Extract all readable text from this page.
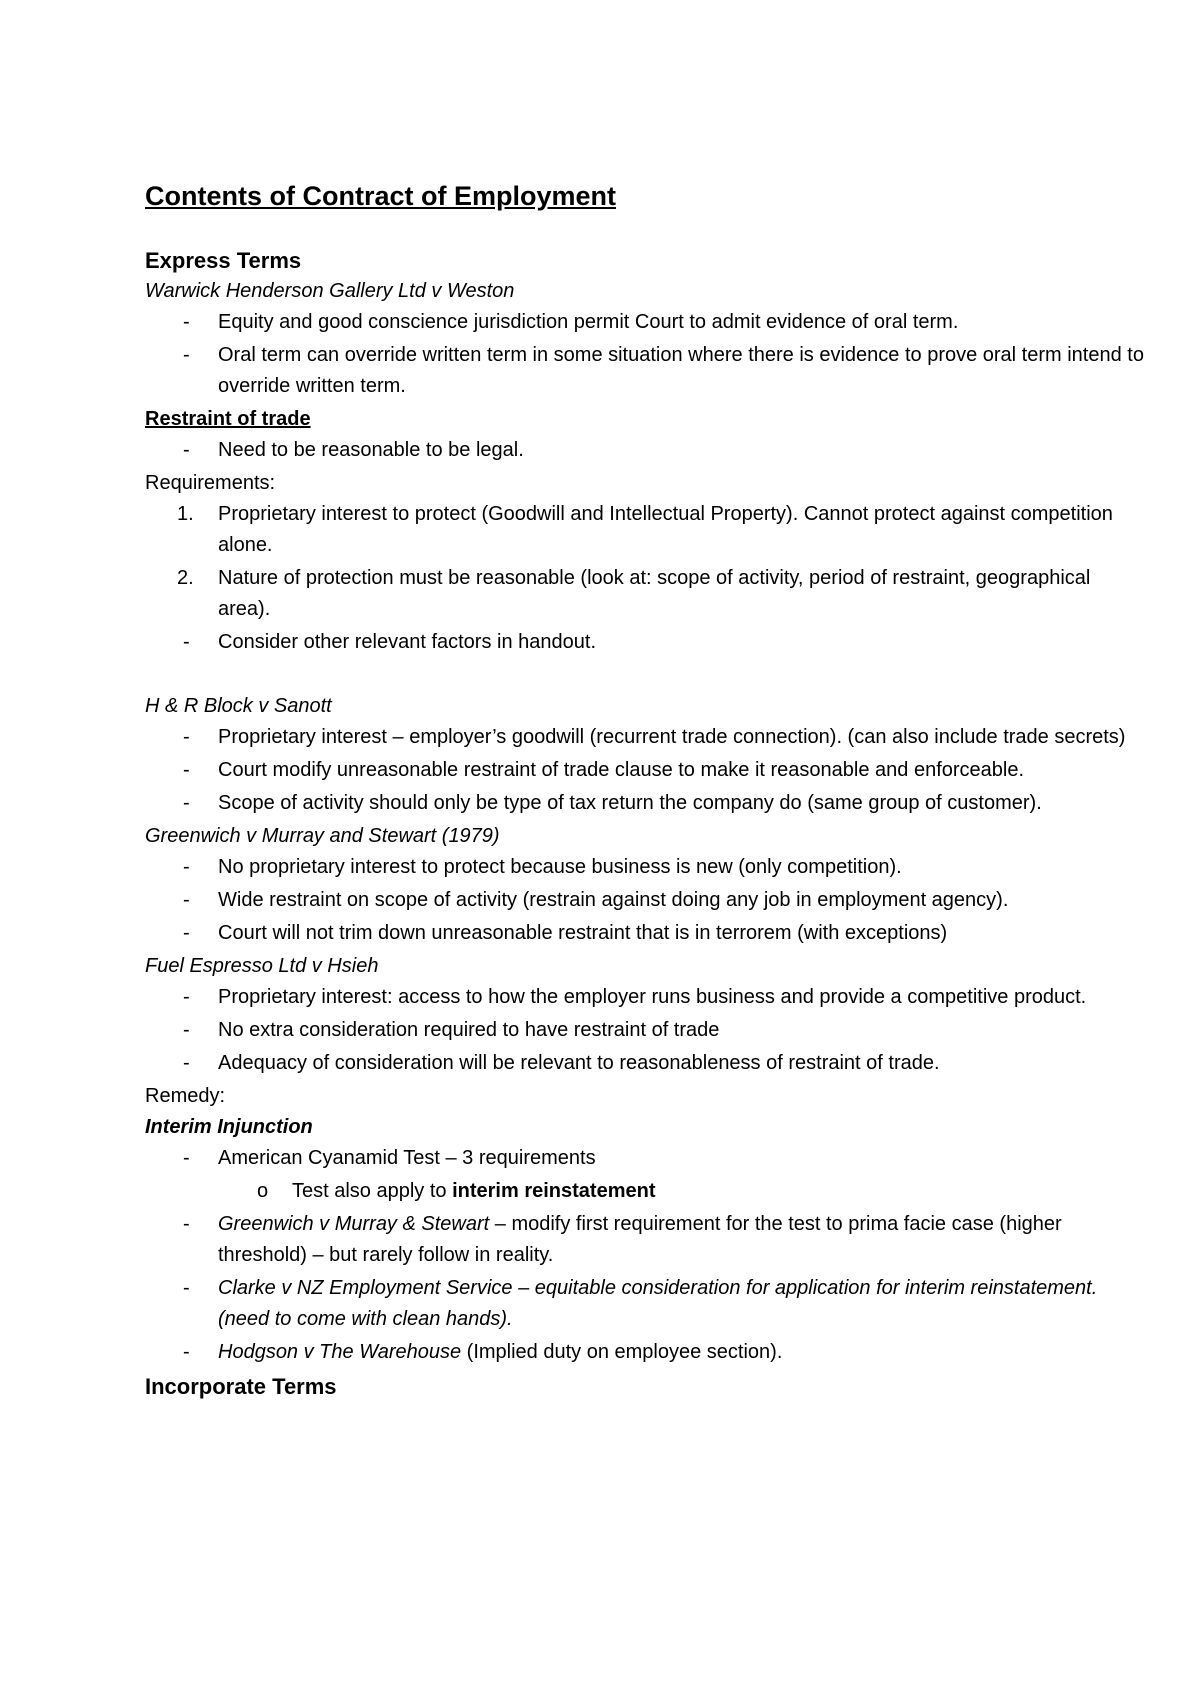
Contents of Contract of Employment

Express Terms

Warwick Henderson Gallery Ltd v Weston

- Equity and good conscience jurisdiction permit Court to admit evidence of oral term.

- Oral term can override written term in some situation where there is evidence to prove oral term intend to override written term.

Restraint of trade

- Need to be reasonable to be legal.

Requirements:

1. Proprietary interest to protect (Goodwill and Intellectual Property). Cannot protect against competition alone.

2. Nature of protection must be reasonable (look at: scope of activity, period of restraint, geographical area).

- Consider other relevant factors in handout.

H & R Block v Sanott

- Proprietary interest – employer’s goodwill (recurrent trade connection). (can also include trade secrets)

- Court modify unreasonable restraint of trade clause to make it reasonable and enforceable.

- Scope of activity should only be type of tax return the company do (same group of customer).

Greenwich v Murray and Stewart (1979)

- No proprietary interest to protect because business is new (only competition).

- Wide restraint on scope of activity (restrain against doing any job in employment agency).

- Court will not trim down unreasonable restraint that is in terrorem (with exceptions)

Fuel Espresso Ltd v Hsieh

- Proprietary interest: access to how the employer runs business and provide a competitive product.

- No extra consideration required to have restraint of trade

- Adequacy of consideration will be relevant to reasonableness of restraint of trade.

Remedy:

Interim Injunction

- American Cyanamid Test – 3 requirements

o Test also apply to interim reinstatement

- Greenwich v Murray & Stewart – modify first requirement for the test to prima facie case (higher threshold) – but rarely follow in reality.

- Clarke v NZ Employment Service – equitable consideration for application for interim reinstatement. (need to come with clean hands).

- Hodgson v The Warehouse (Implied duty on employee section).

Incorporate Terms
